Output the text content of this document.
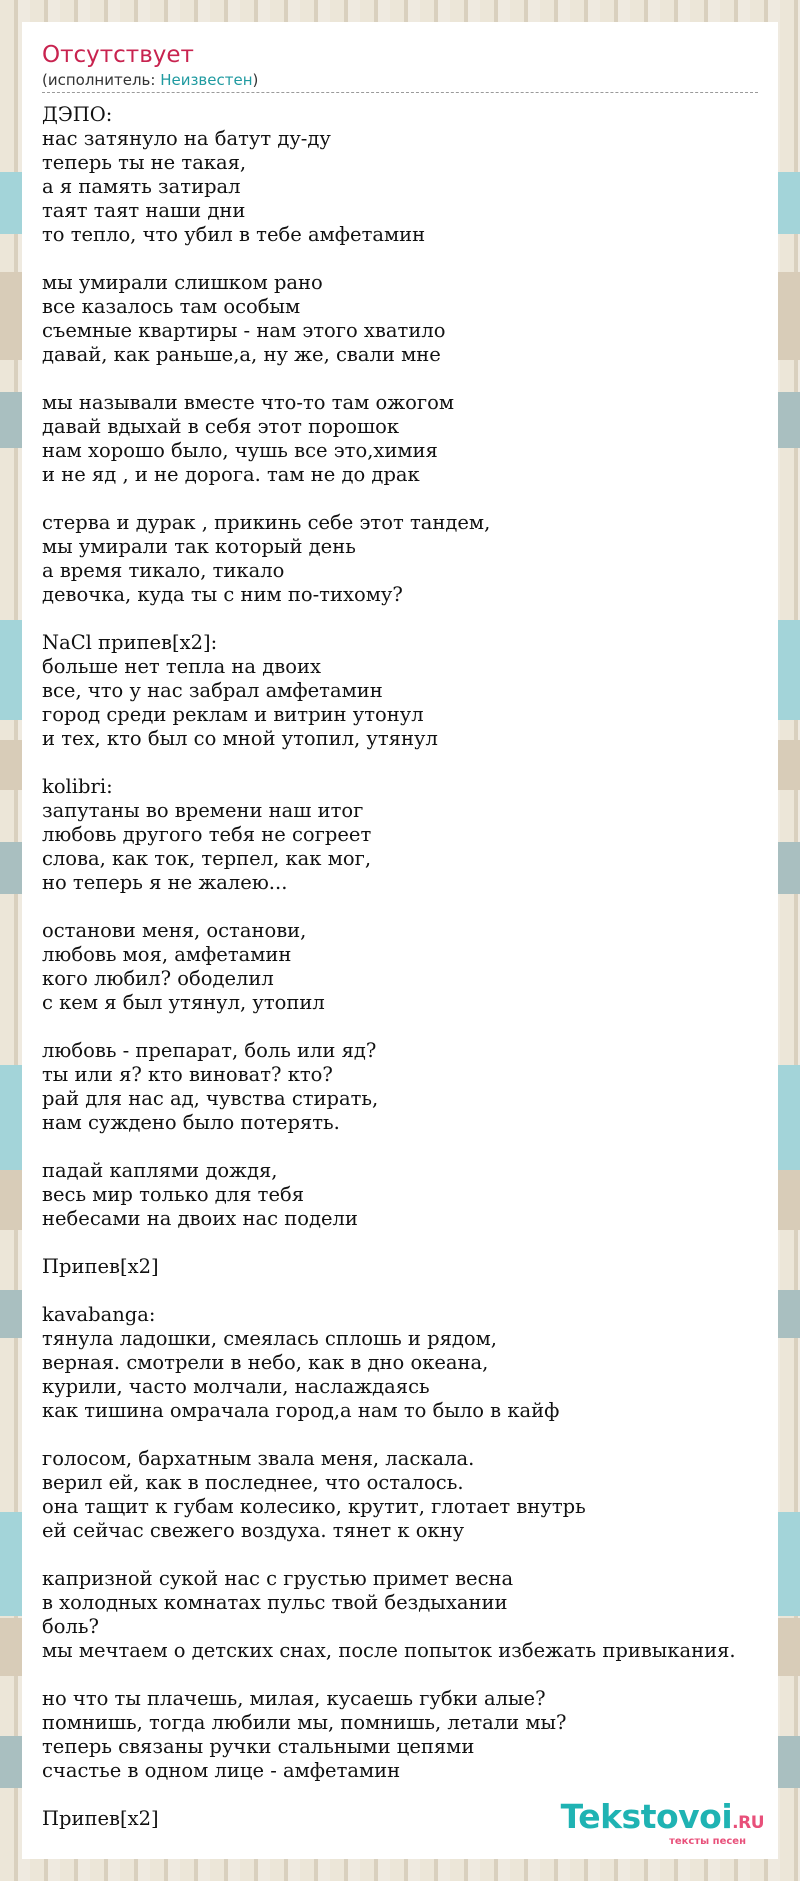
Отсутствует
(исполнитель: Неизвестен)
ДЭПО:
нас затянуло на батут ду-ду
теперь ты не такая,
а я память затирал
таят таят наши дни
то тепло, что убил в тебе амфетамин
мы умирали слишком рано
все казалось там особым
съемные квартиры - нам этого хватило
давай, как раньше,а, ну же, свали мне
мы называли вместе что-то там ожогом
давай вдыхай в себя этот порошок
нам хорошо было, чушь все это,химия
и не яд , и не дорога. там не до драк
стерва и дурак , прикинь себе этот тандем,
мы умирали так который день
а время тикало, тикало
девочка, куда ты с ним по-тихому?
NaCl припев[x2]:
больше нет тепла на двоих
все, что у нас забрал амфетамин
город среди реклам и витрин утонул
и тех, кто был со мной утопил, утянул
kolibri:
запутаны во времени наш итог
любовь другого тебя не согреет
слова, как ток, терпел, как мог,
но теперь я не жалею...
останови меня, останови,
любовь моя, амфетамин
кого любил? ободелил
с кем я был утянул, утопил
любовь - препарат, боль или яд?
ты или я? кто виноват? кто?
рай для нас ад, чувства стирать,
нам суждено было потерять.
падай каплями дождя,
весь мир только для тебя
небесами на двоих нас подели
Припев[x2]
kavabanga:
тянула ладошки, смеялась сплошь и рядом,
верная. смотрели в небо, как в дно океана,
курили, часто молчали, наслаждаясь
как тишина омрачала город,а нам то было в кайф
голосом, бархатным звала меня, ласкала.
верил ей, как в последнее, что осталось.
она тащит к губам колесико, крутит, глотает внутрь
ей сейчас свежего воздуха. тянет к окну
капризной сукой нас с грустью примет весна
в холодных комнатах пульс твой бездыхании
боль?
мы мечтаем о детских снах, после попыток избежать привыкания.
но что ты плачешь, милая, кусаешь губки алые?
помнишь, тогда любили мы, помнишь, летали мы?
теперь связаны ручки стальными цепями
счастье в одном лице - амфетамин
Припев[x2]	Tekstovoi.RU
тексты песен
